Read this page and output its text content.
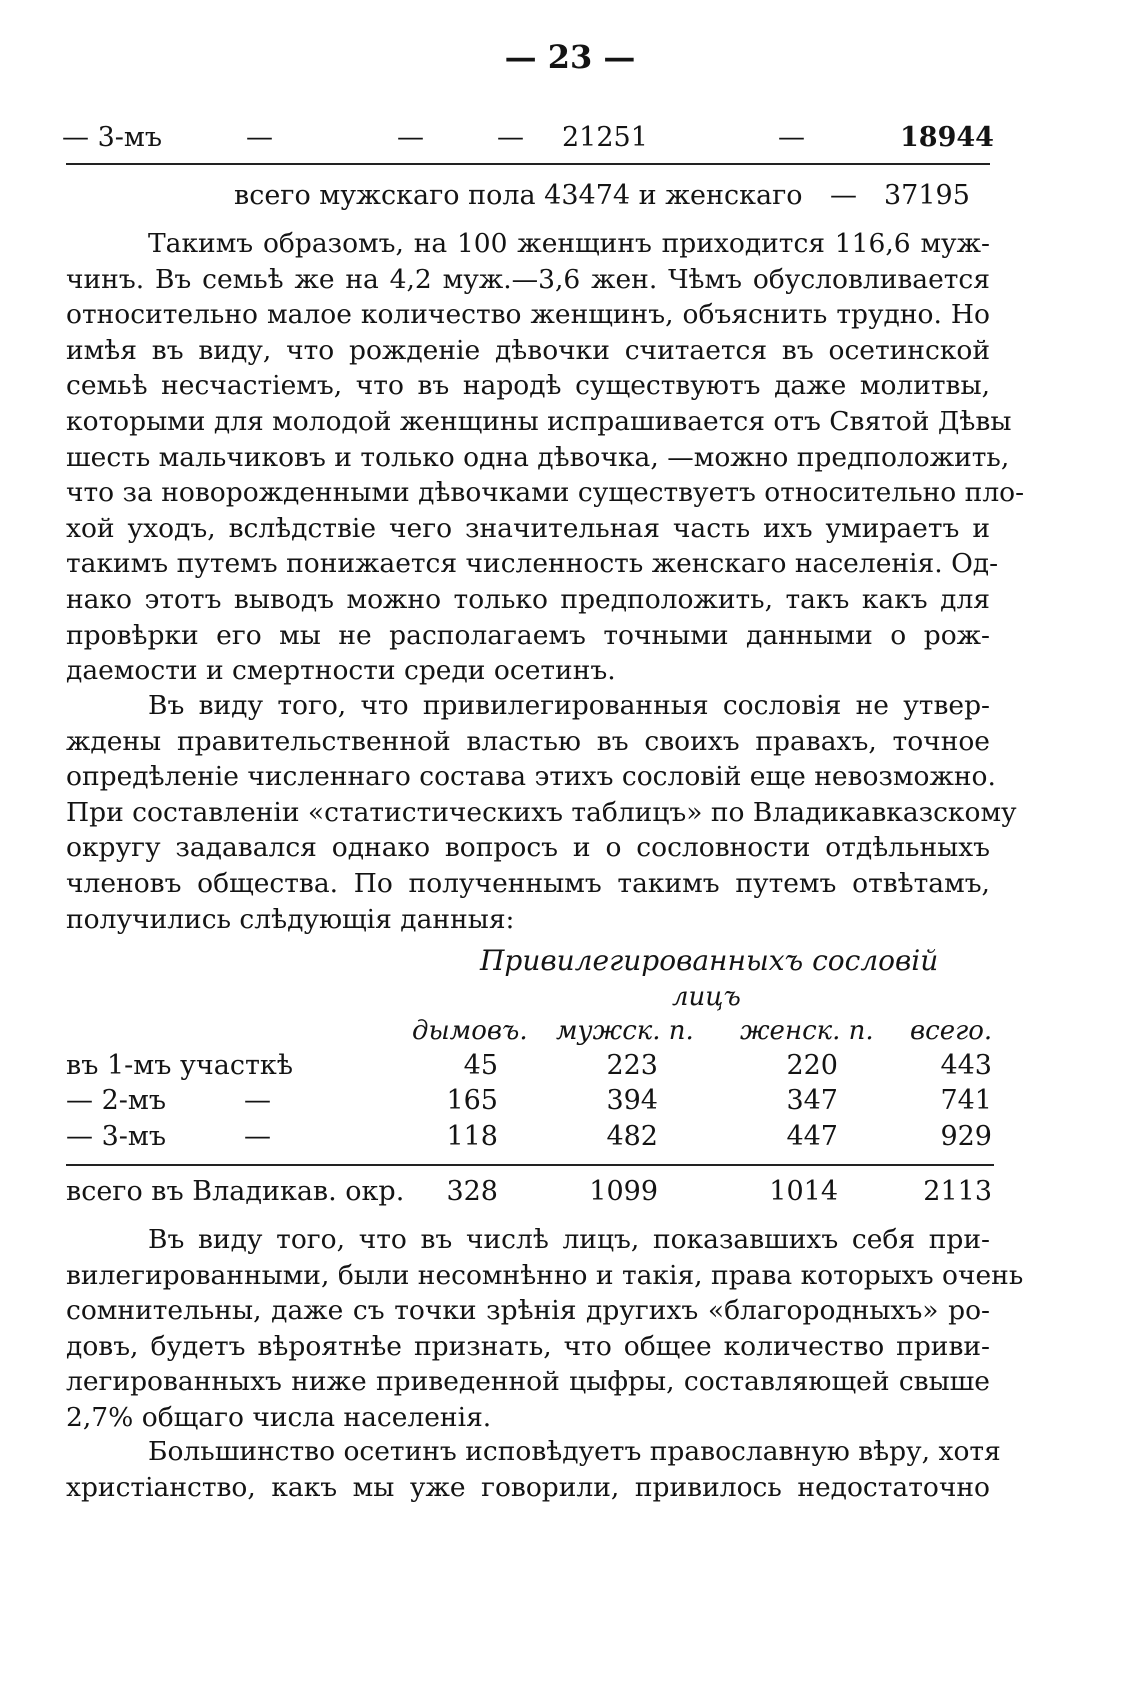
— 23 —
— 3-мъ	—	—	— 21251	—	18944
всего мужскаго пола 43474 и женскаго — 37195
Такимъ образомъ, на 100 женщинъ приходится 116,6 муж-
чинъ. Въ семьѣ же на 4,2 муж.—3,6 жен. Чѣмъ обусловливается
относительно малое количество женщинъ, объяснить трудно. Но
имѣя въ виду, что рожденіе дѣвочки считается въ осетинской
семьѣ несчастіемъ, что въ народѣ существуютъ даже молитвы,
которыми для молодой женщины испрашивается отъ Святой Дѣвы
шесть мальчиковъ и только одна дѣвочка, —можно предположить,
что за новорожденными дѣвочками существуетъ относительно пло-
хой уходъ, вслѣдствіе чего значительная часть ихъ умираетъ и
такимъ путемъ понижается численность женскаго населенія. Од-
нако этотъ выводъ можно только предположить, такъ какъ для
провѣрки его мы не располагаемъ точными данными о рож-
даемости и смертности среди осетинъ.
Въ виду того, что привилегированныя сословія не утвер-
ждены правительственной властью въ своихъ правахъ, точное
опредѣленіе численнаго состава этихъ сословій еще невозможно.
При составленіи «статистическихъ таблицъ» по Владикавказскому
округу задавался однако вопросъ и о сословности отдѣльныхъ
членовъ общества. По полученнымъ такимъ путемъ отвѣтамъ,
получились слѣдующія данныя:
Привилегированныхъ сословій
лицъ
дымовъ. мужск. п. женск. п. всего.
въ 1-мъ участкѣ	45	223	220	443
— 2-мъ	—	165	394	347	741
— 3-мъ	—	118	482	447	929
всего въ Владикав. окр.	328	1099	1014	2113
Въ виду того, что въ числѣ лицъ, показавшихъ себя при-
вилегированными, были несомнѣнно и такія, права которыхъ очень
сомнительны, даже съ точки зрѣнія другихъ «благородныхъ» ро-
довъ, будетъ вѣроятнѣе признать, что общее количество приви-
легированныхъ ниже приведенной цыфры, составляющей свыше
2,7% общаго числа населенія.
Большинство осетинъ исповѣдуетъ православную вѣру, хотя
христіанство, какъ мы уже говорили, привилось недостаточно
